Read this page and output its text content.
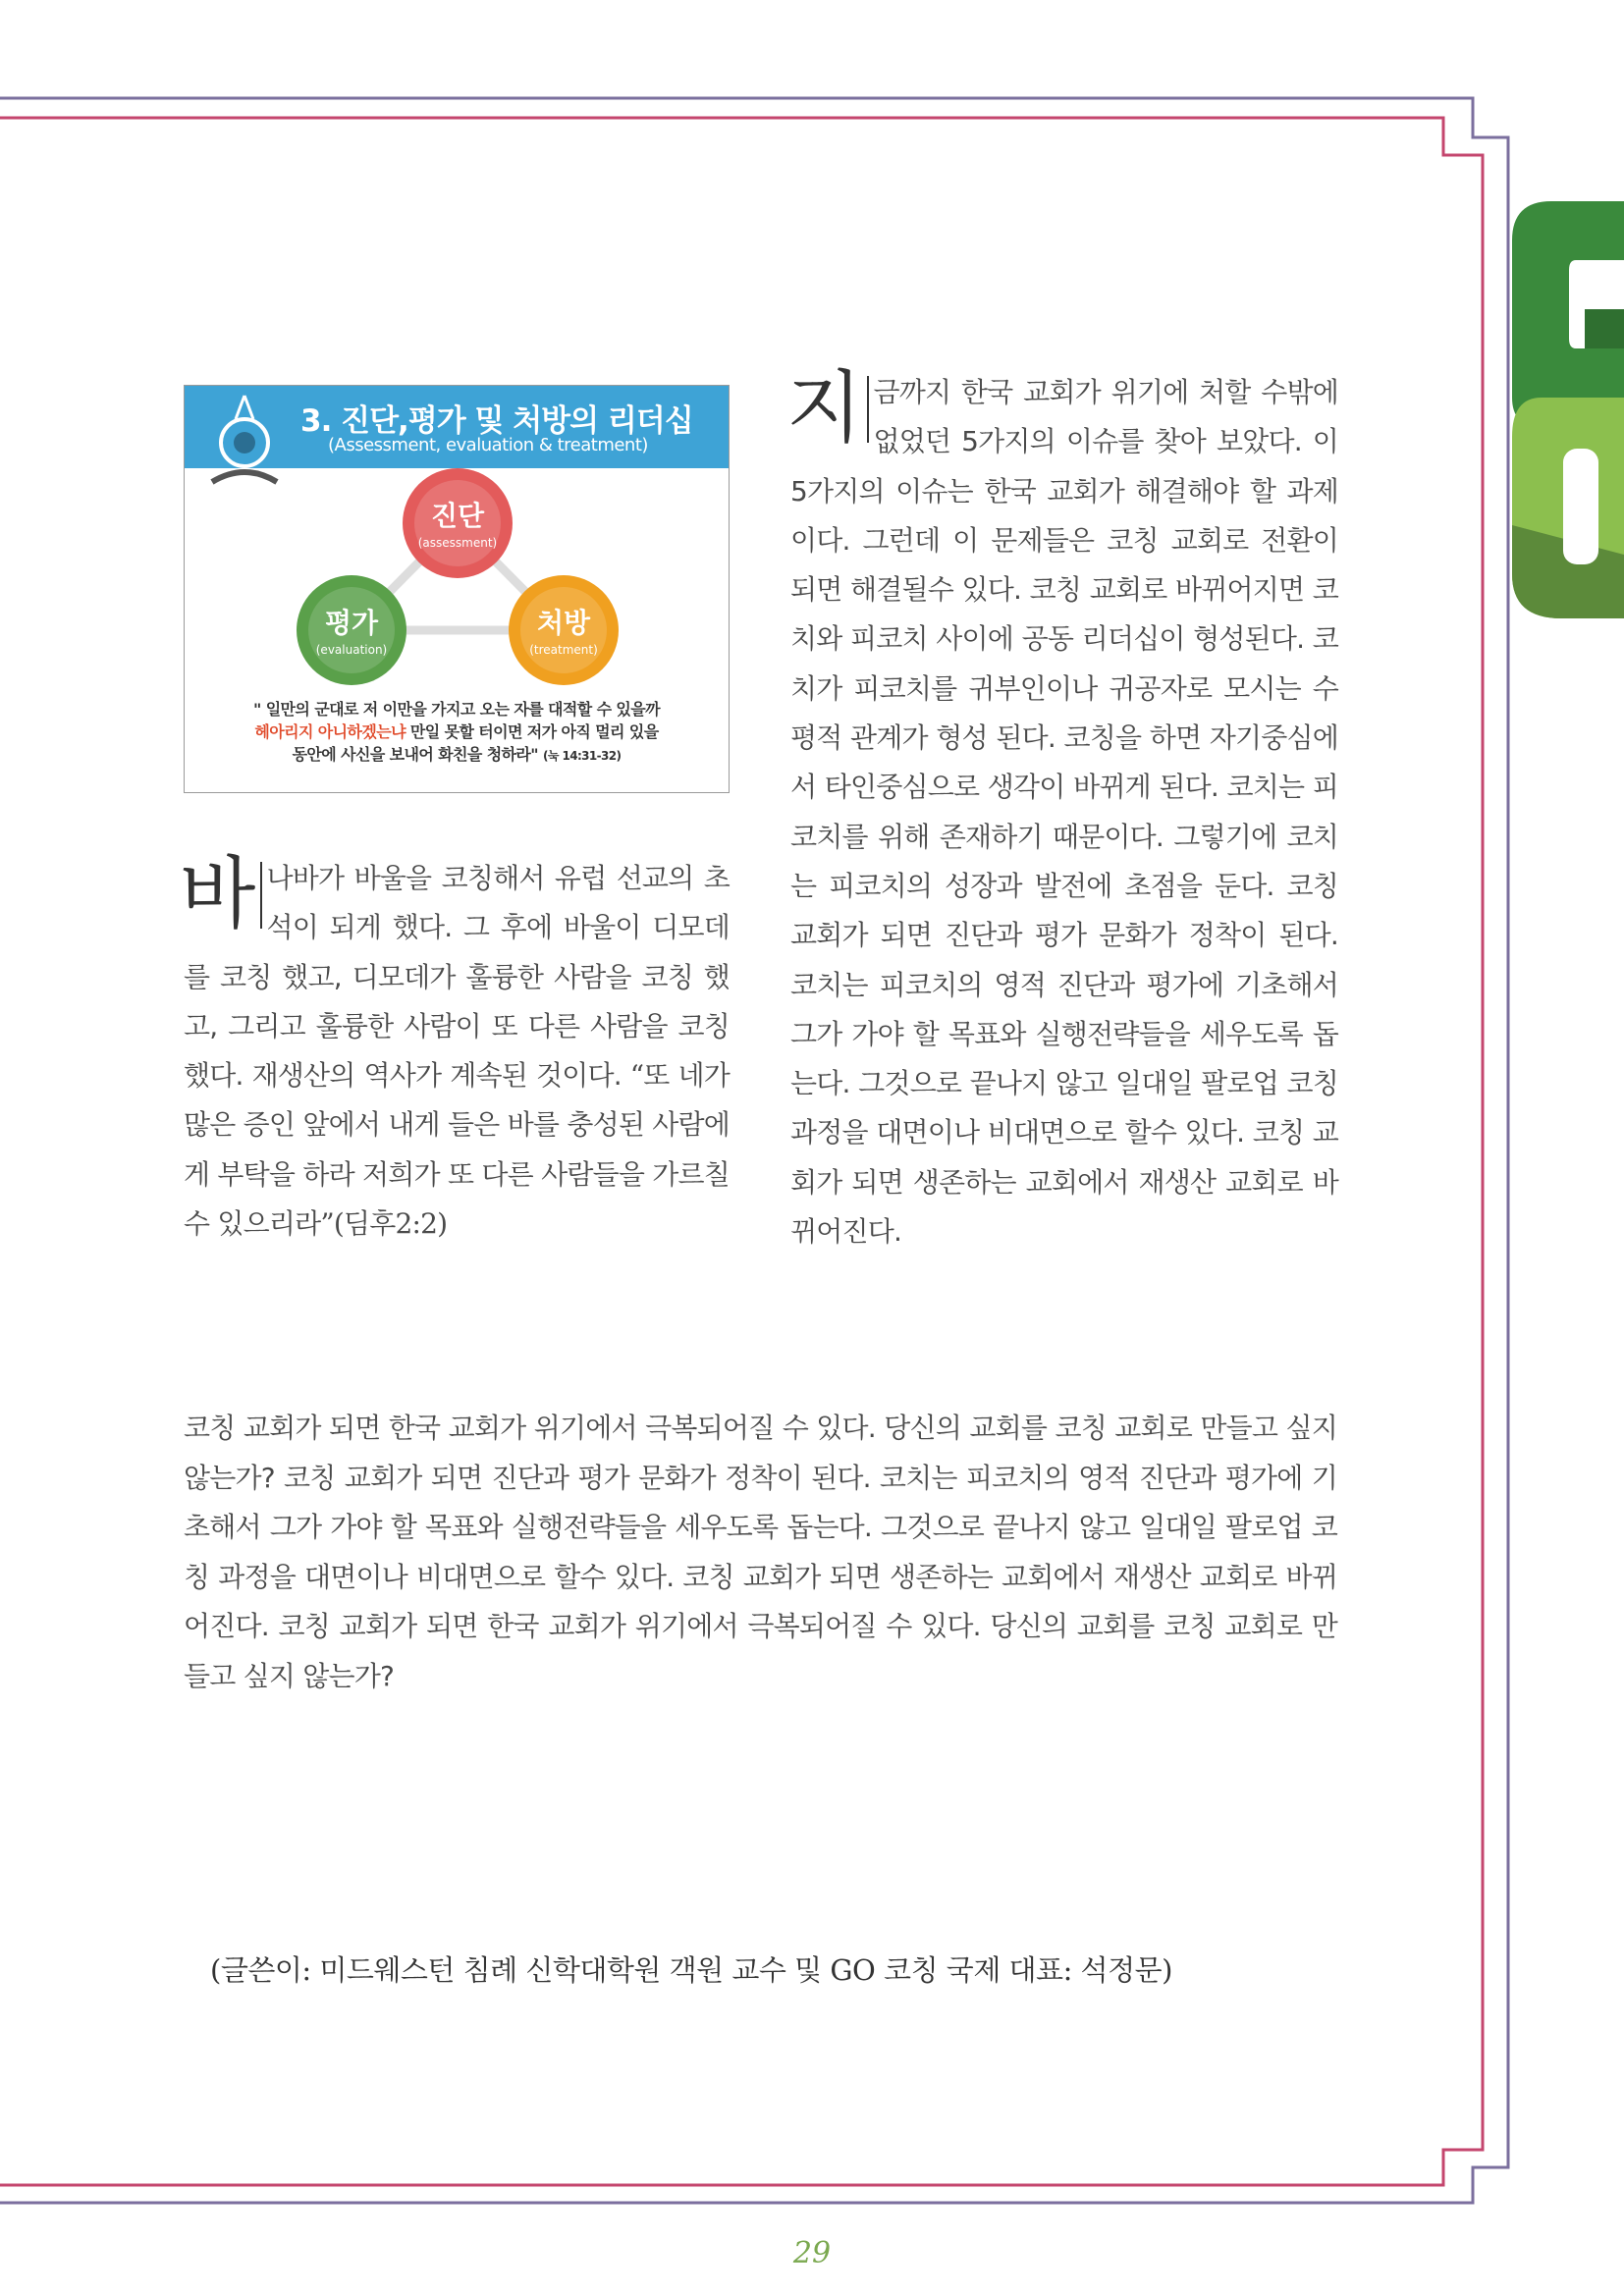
3. 진단,평가 및 처방의 리더십
(Assessment, evaluation & treatment)
진단
(assessment)
평가
(evaluation)
처방
(treatment)
" 일만의 군대로 저 이만을 가지고 오는 자를 대적할 수 있을까
헤아리지 아니하겠는냐 만일 못할 터이면 저가 아직 멀리 있을
동안에 사신을 보내어 화친을 청하라" (눅 14:31-32)

바나바가 바울을 코칭해서 유럽 선교의 초석이 되게 했다. 그 후에 바울이 디모데를 코칭 했고, 디모데가 훌륭한 사람을 코칭 했고, 그리고 훌륭한 사람이 또 다른 사람을 코칭 했다. 재생산의 역사가 계속된 것이다. “또 네가 많은 증인 앞에서 내게 들은 바를 충성된 사람에게 부탁을 하라 저희가 또 다른 사람들을 가르칠 수 있으리라”(딤후2:2)

지금까지 한국 교회가 위기에 처할 수밖에 없었던 5가지의 이슈를 찾아 보았다. 이 5가지의 이슈는 한국 교회가 해결해야 할 과제이다. 그런데 이 문제들은 코칭 교회로 전환이 되면 해결될수 있다. 코칭 교회로 바뀌어지면 코치와 피코치 사이에 공동 리더십이 형성된다. 코치가 피코치를 귀부인이나 귀공자로 모시는 수평적 관계가 형성 된다. 코칭을 하면 자기중심에서 타인중심으로 생각이 바뀌게 된다. 코치는 피코치를 위해 존재하기 때문이다. 그렇기에 코치는 피코치의 성장과 발전에 초점을 둔다. 코칭 교회가 되면 진단과 평가 문화가 정착이 된다. 코치는 피코치의 영적 진단과 평가에 기초해서 그가 가야 할 목표와 실행전략들을 세우도록 돕는다. 그것으로 끝나지 않고 일대일 팔로업 코칭 과정을 대면이나 비대면으로 할수 있다. 코칭 교회가 되면 생존하는 교회에서 재생산 교회로 바뀌어진다.

코칭 교회가 되면 한국 교회가 위기에서 극복되어질 수 있다. 당신의 교회를 코칭 교회로 만들고 싶지 않는가? 코칭 교회가 되면 진단과 평가 문화가 정착이 된다. 코치는 피코치의 영적 진단과 평가에 기초해서 그가 가야 할 목표와 실행전략들을 세우도록 돕는다. 그것으로 끝나지 않고 일대일 팔로업 코칭 과정을 대면이나 비대면으로 할수 있다. 코칭 교회가 되면 생존하는 교회에서 재생산 교회로 바뀌어진다. 코칭 교회가 되면 한국 교회가 위기에서 극복되어질 수 있다. 당신의 교회를 코칭 교회로 만들고 싶지 않는가?

(글쓴이: 미드웨스턴 침례 신학대학원 객원 교수 및 GO 코칭 국제 대표: 석정문)
29
